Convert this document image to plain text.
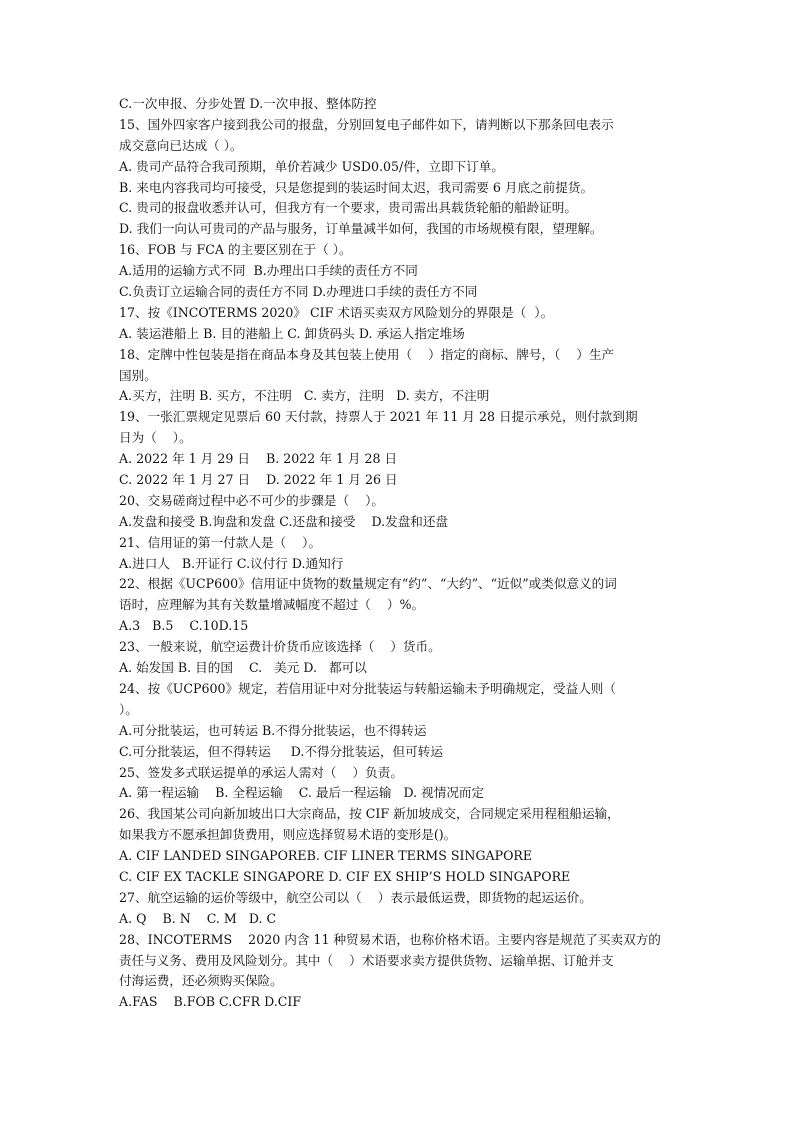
C.一次申报、分步处置 D.一次申报、整体防控
15、国外四家客户接到我公司的报盘，分别回复电子邮件如下，请判断以下那条回电表示
成交意向已达成（ ）。
A. 贵司产品符合我司预期，单价若减少 USD0.05/件，立即下订单。
B. 来电内容我司均可接受，只是您提到的装运时间太迟，我司需要 6 月底之前提货。
C. 贵司的报盘收悉并认可，但我方有一个要求，贵司需出具载货轮船的船龄证明。
D. 我们一向认可贵司的产品与服务，订单量减半如何，我国的市场规模有限，望理解。
16、FOB 与 FCA 的主要区别在于（ ）。
A.适用的运输方式不同  B.办理出口手续的责任方不同
C.负责订立运输合同的责任方不同 D.办理进口手续的责任方不同
17、按《INCOTERMS 2020》 CIF 术语买卖双方风险划分的界限是（  ）。
A. 装运港船上 B. 目的港船上 C. 卸货码头 D. 承运人指定堆场
18、定牌中性包装是指在商品本身及其包装上使用（    ）指定的商标、牌号，（    ）生产
国别。
A.买方，注明 B. 买方，不注明   C. 卖方，注明   D. 卖方，不注明
19、一张汇票规定见票后 60 天付款，持票人于 2021 年 11 月 28 日提示承兑，则付款到期
日为（    ）。
A. 2022 年 1 月 29 日    B. 2022 年 1 月 28 日
C. 2022 年 1 月 27 日    D. 2022 年 1 月 26 日
20、交易磋商过程中必不可少的步骤是（    ）。
A.发盘和接受 B.询盘和发盘 C.还盘和接受    D.发盘和还盘
21、信用证的第一付款人是（    ）。
A.进口人   B.开证行 C.议付行 D.通知行
22、根据《UCP600》信用证中货物的数量规定有“约”、“大约”、“近似”或类似意义的词
语时，应理解为其有关数量增减幅度不超过（    ）%。
A.3   B.5    C.10D.15
23、一般来说，航空运费计价货币应该选择（    ）货币。
A. 始发国 B. 目的国    C.   美元 D.   都可以
24、按《UCP600》规定，若信用证中对分批装运与转船运输未予明确规定，受益人则（
）。
A.可分批装运，也可转运 B.不得分批装运，也不得转运
C.可分批装运，但不得转运     D.不得分批装运，但可转运
25、签发多式联运提单的承运人需对（    ）负责。
A. 第一程运输    B. 全程运输    C. 最后一程运输   D. 视情况而定
26、我国某公司向新加坡出口大宗商品，按 CIF 新加坡成交，合同规定采用程租船运输，
如果我方不愿承担卸货费用，则应选择贸易术语的变形是()。
A. CIF LANDED SINGAPOREB. CIF LINER TERMS SINGAPORE
C. CIF EX TACKLE SINGAPORE D. CIF EX SHIP’S HOLD SINGAPORE
27、航空运输的运价等级中，航空公司以（    ）表示最低运费，即货物的起运运价。
A. Q    B. N    C. M   D. C
28、INCOTERMS    2020 内含 11 种贸易术语，也称价格术语。主要内容是规范了买卖双方的
责任与义务、费用及风险划分。其中（    ）术语要求卖方提供货物、运输单据、订舱并支
付海运费，还必须购买保险。
A.FAS    B.FOB C.CFR D.CIF
